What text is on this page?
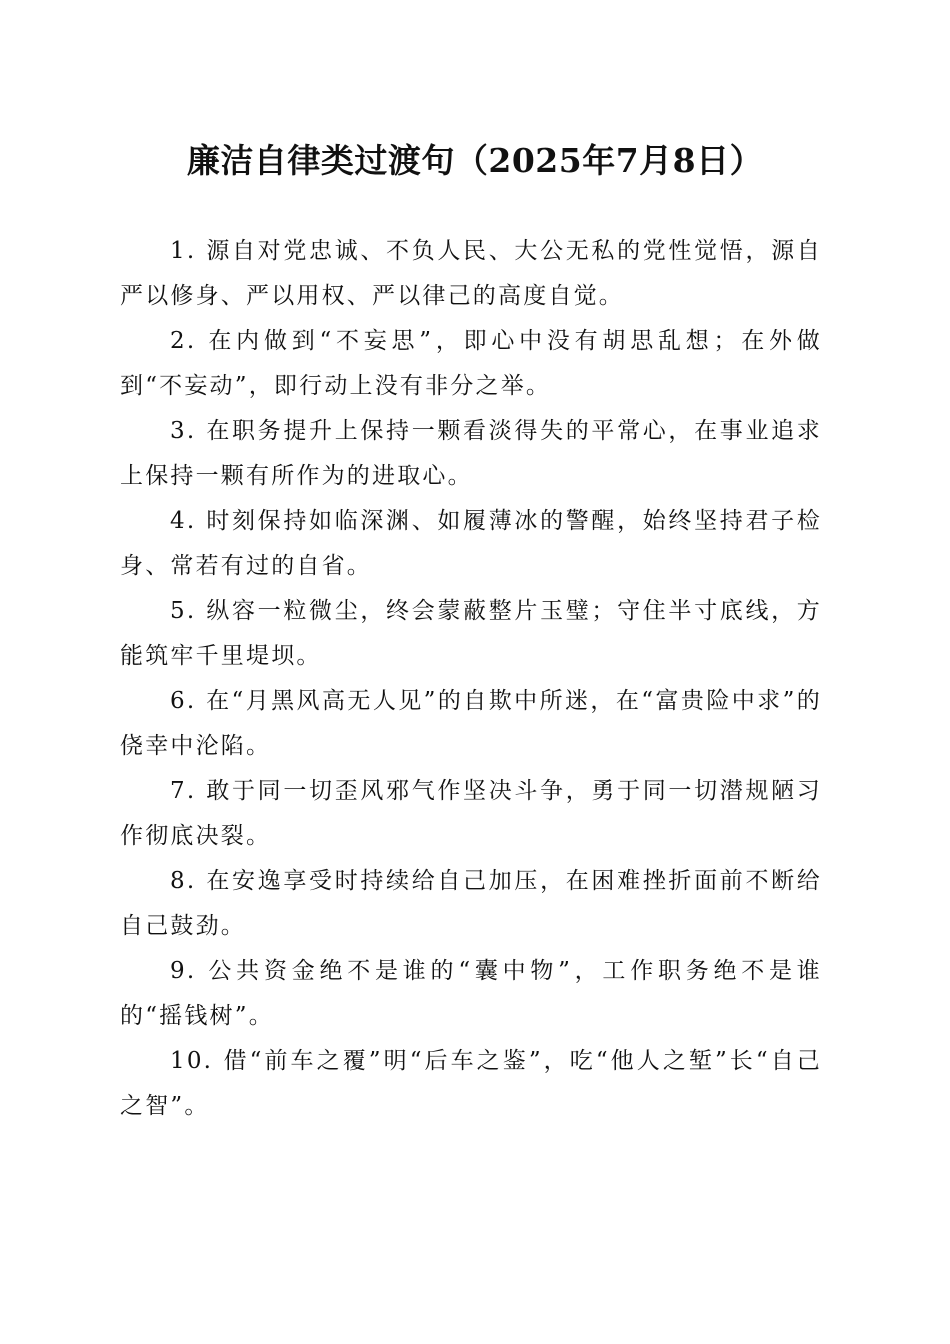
廉洁自律类过渡句（2025年7月8日）

1. 源自对党忠诚、不负人民、大公无私的党性觉悟，源自严以修身、严以用权、严以律己的高度自觉。

2. 在内做到“不妄思”，即心中没有胡思乱想；在外做到“不妄动”，即行动上没有非分之举。

3. 在职务提升上保持一颗看淡得失的平常心，在事业追求上保持一颗有所作为的进取心。

4. 时刻保持如临深渊、如履薄冰的警醒，始终坚持君子检身、常若有过的自省。

5. 纵容一粒微尘，终会蒙蔽整片玉璧；守住半寸底线，方能筑牢千里堤坝。

6. 在“月黑风高无人见”的自欺中所迷，在“富贵险中求”的侥幸中沦陷。

7. 敢于同一切歪风邪气作坚决斗争，勇于同一切潜规陋习作彻底决裂。

8. 在安逸享受时持续给自己加压，在困难挫折面前不断给自己鼓劲。

9. 公共资金绝不是谁的“囊中物”，工作职务绝不是谁的“摇钱树”。

10. 借“前车之覆”明“后车之鉴”，吃“他人之堑”长“自己之智”。
